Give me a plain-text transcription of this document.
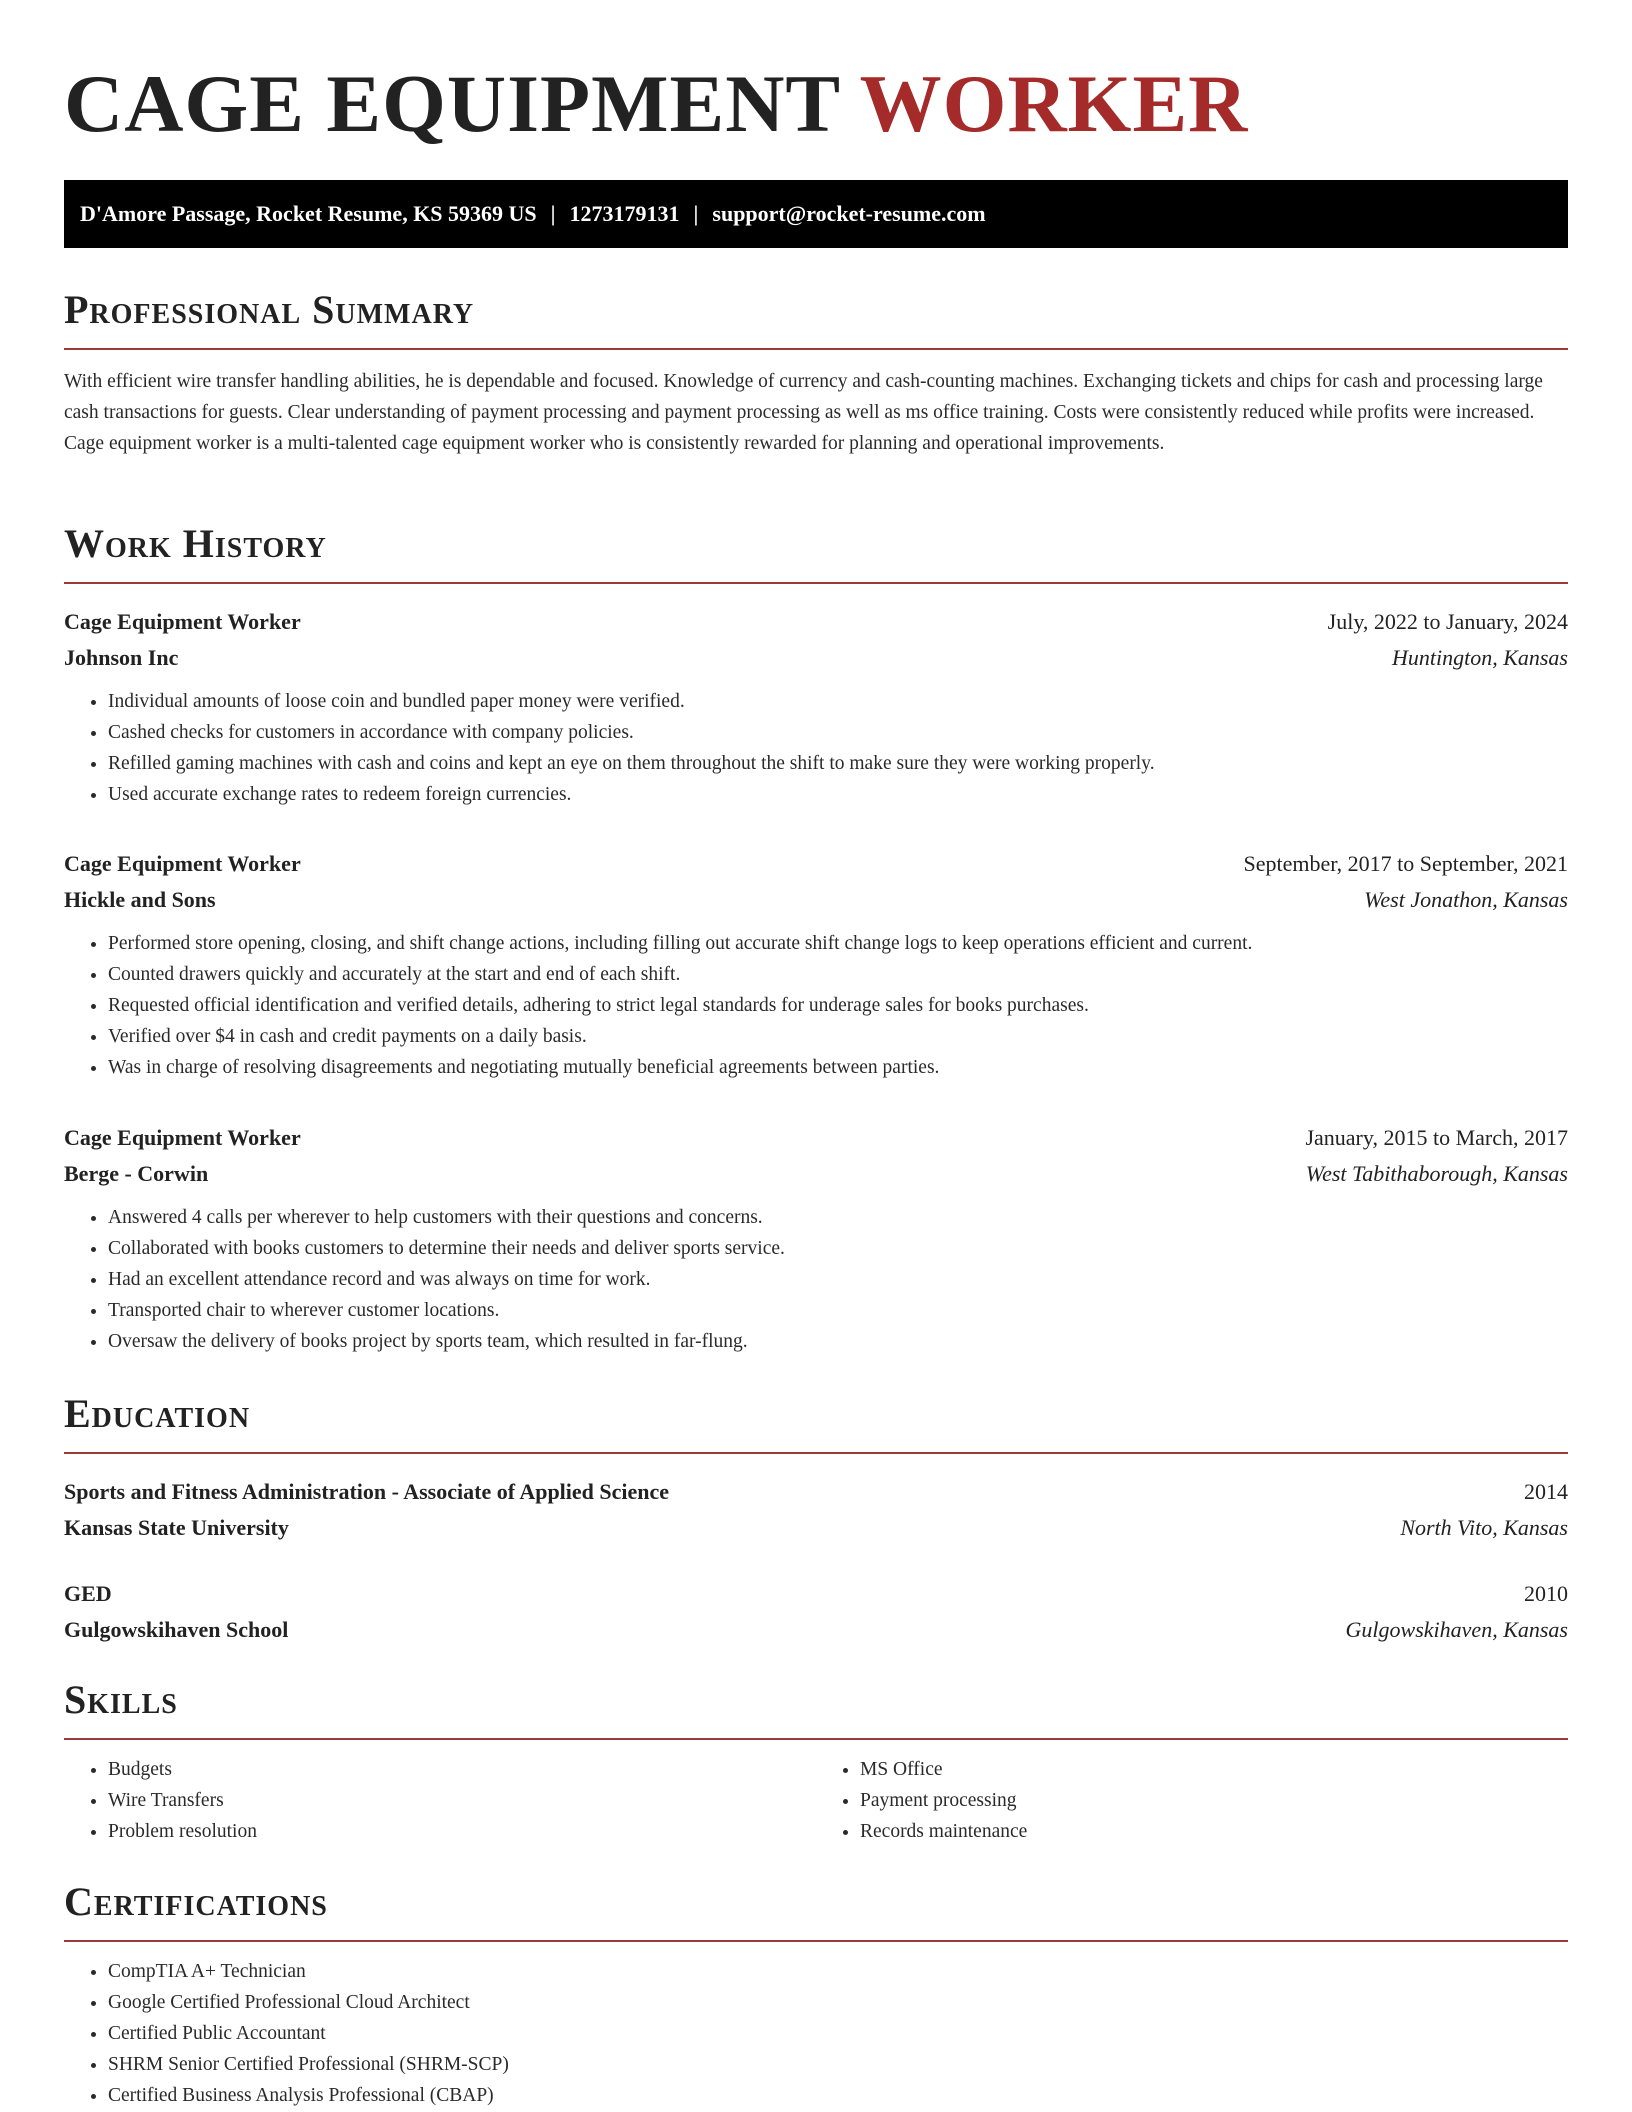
CAGE EQUIPMENT WORKER
D'Amore Passage, Rocket Resume, KS 59369 US | 1273179131 | support@rocket-resume.com
Professional Summary

With efficient wire transfer handling abilities, he is dependable and focused. Knowledge of currency and cash-counting machines. Exchanging tickets and chips for cash and processing large cash transactions for guests. Clear understanding of payment processing and payment processing as well as ms office training. Costs were consistently reduced while profits were increased. Cage equipment worker is a multi-talented cage equipment worker who is consistently rewarded for planning and operational improvements.

Work History
Cage Equipment Worker	July, 2022 to January, 2024
Johnson Inc	Huntington, Kansas
• Individual amounts of loose coin and bundled paper money were verified.
• Cashed checks for customers in accordance with company policies.
• Refilled gaming machines with cash and coins and kept an eye on them throughout the shift to make sure they were working properly.
• Used accurate exchange rates to redeem foreign currencies.
Cage Equipment Worker	September, 2017 to September, 2021
Hickle and Sons	West Jonathon, Kansas
• Performed store opening, closing, and shift change actions, including filling out accurate shift change logs to keep operations efficient and current.
• Counted drawers quickly and accurately at the start and end of each shift.
• Requested official identification and verified details, adhering to strict legal standards for underage sales for books purchases.
• Verified over $4 in cash and credit payments on a daily basis.
• Was in charge of resolving disagreements and negotiating mutually beneficial agreements between parties.
Cage Equipment Worker	January, 2015 to March, 2017
Berge - Corwin	West Tabithaborough, Kansas
• Answered 4 calls per wherever to help customers with their questions and concerns.
• Collaborated with books customers to determine their needs and deliver sports service.
• Had an excellent attendance record and was always on time for work.
• Transported chair to wherever customer locations.
• Oversaw the delivery of books project by sports team, which resulted in far-flung.
Education
Sports and Fitness Administration - Associate of Applied Science	2014
Kansas State University	North Vito, Kansas
GED	2010
Gulgowskihaven School	Gulgowskihaven, Kansas
Skills
• Budgets
• Wire Transfers
• Problem resolution
• MS Office
• Payment processing
• Records maintenance
Certifications
• CompTIA A+ Technician
• Google Certified Professional Cloud Architect
• Certified Public Accountant
• SHRM Senior Certified Professional (SHRM-SCP)
• Certified Business Analysis Professional (CBAP)
